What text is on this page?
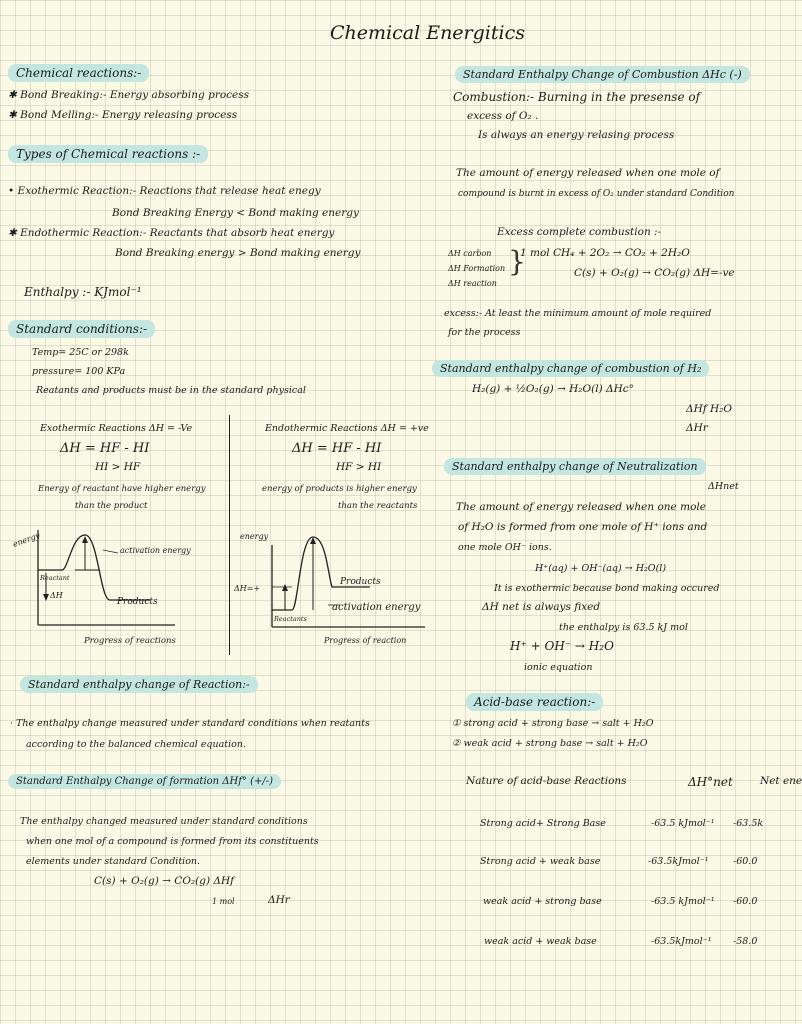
Chemical Energitics
Chemical reactions:-
✱ Bond Breaking:- Energy absorbing process
✱ Bond Melling:- Energy releasing process
Types of Chemical reactions :-
• Exothermic Reaction:- Reactions that release heat enegy
Bond Breaking Energy < Bond making energy
✱ Endothermic Reaction:- Reactants that absorb heat energy
Bond Breaking energy > Bond making energy
Enthalpy :- KJmol⁻¹
Standard conditions:-
Temp= 25C or 298k
pressure= 100 KPa
Reatants and products must be in the standard physical
Exothermic Reactions ΔH = -Ve
ΔH = HF - HI
HI > HF
Energy of reactant have higher energy
than the product
Endothermic Reactions ΔH = +ve
ΔH = HF - HI
HF > HI
energy of products is higher energy
than the reactants
energy
activation energy
Reactant
ΔH
Products
Progress of reactions
energy
ΔH=+
Products
activation energy
Reactants
Progress of reaction
Standard enthalpy change of Reaction:-
· The enthalpy change measured under standard conditions when reatants
according to the balanced chemical equation.
Standard Enthalpy Change of formation ΔHf° (+/-)
The enthalpy changed measured under standard conditions
when one mol of a compound is formed from its constituents
elements under standard Condition.
C(s) + O₂(g) → CO₂(g) ΔHf
1 mol	ΔHr
Standard Enthalpy Change of Combustion ΔHc (-)
Combustion:- Burning in the presense of
excess of O₂ .
Is always an energy relasing process
The amount of energy released when one mole of
compound is burnt in excess of O₂ under standard Condition
Excess complete combustion :-
ΔH carbon
ΔH Formation
ΔH reaction
}
1 mol CH₄ + 2O₂ → CO₂ + 2H₂O
C(s) + O₂(g) → CO₂(g) ΔH=-ve
excess:- At least the minimum amount of mole required
for the process
Standard enthalpy change of combustion of H₂
H₂(g) + ½O₂(g) → H₂O(l) ΔHc°
ΔHf H₂O
ΔHr
Standard enthalpy change of Neutralization
ΔHnet
The amount of energy released when one mole
of H₂O is formed from one mole of H⁺ ions and
one mole OH⁻ ions.
H⁺(aq) + OH⁻(aq) → H₂O(l)
It is exothermic because bond making occured
ΔH net is always fixed
the enthalpy is 63.5 kJ mol
H⁺ + OH⁻ → H₂O
ionic equation
Acid-base reaction:-
① strong acid + strong base → salt + H₂O
② weak acid + strong base → salt + H₂O
Nature of acid-base Reactions	ΔH°net	Net ene
Strong acid+ Strong Base	-63.5 kJmol⁻¹ -63.5k
Strong acid + weak base	-63.5kJmol⁻¹	-60.0
weak acid + strong base	-63.5 kJmol⁻¹ -60.0
weak acid + weak base	-63.5kJmol⁻¹ -58.0
